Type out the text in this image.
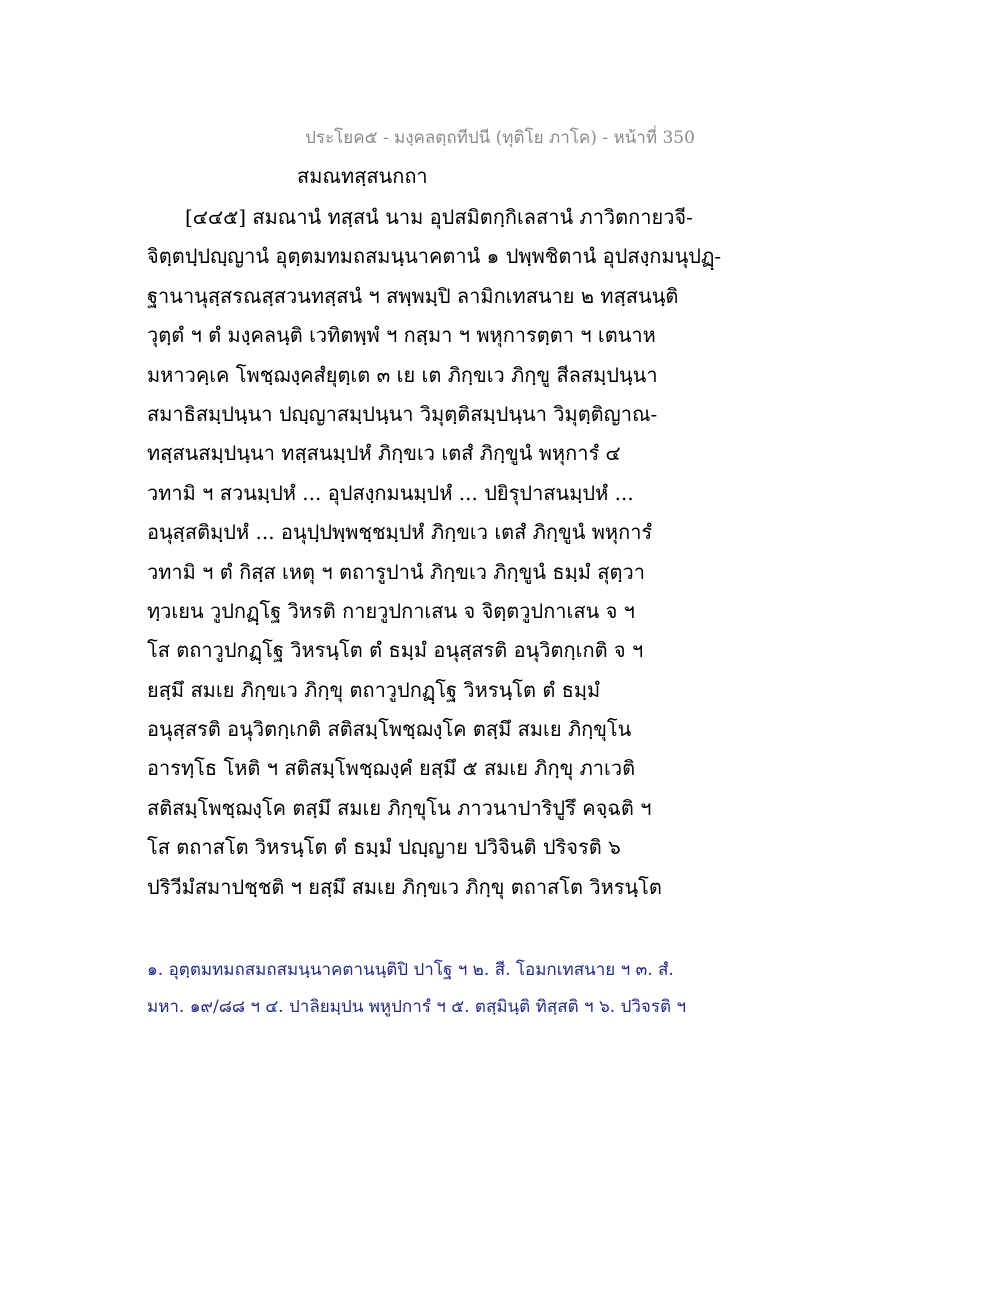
ประโยค๕ - มงฺคลตฺถทีปนี (ทุติโย ภาโค) - หน้าที่ 350
สมณทสฺสนกถา
[๔๔๕] สมณานํ ทสฺสนํ นาม อุปสมิตกฺกิเลสานํ ภาวิตกายวจี-
จิตฺตปฺปญฺญานํ อุตฺตมทมถสมนฺนาคตานํ ๑ ปพฺพชิตานํ อุปสงฺกมนุปฏฺ-
ฐานานุสฺสรณสฺสวนทสฺสนํ ฯ สพฺพมฺปิ ลามิกเทสนาย ๒ ทสฺสนนฺติ
วุตฺตํ ฯ ตํ มงฺคลนฺติ เวทิตพฺพํ ฯ กสฺมา ฯ พหุการตฺตา ฯ เตนาห
มหาวคฺเค โพชฺฌงฺคสํยุตฺเต ๓ เย เต ภิกฺขเว ภิกฺขู สีลสมฺปนฺนา
สมาธิสมฺปนฺนา ปญฺญาสมฺปนฺนา วิมุตฺติสมฺปนฺนา วิมุตฺติญาณ-
ทสฺสนสมฺปนฺนา ทสฺสนมฺปหํ ภิกฺขเว เตสํ ภิกฺขูนํ พหุการํ ๔
วทามิ ฯ สวนมฺปหํ ... อุปสงฺกมนมฺปหํ ... ปยิรุปาสนมฺปหํ ...
อนุสฺสติมฺปหํ ... อนุปฺปพฺพชฺชมฺปหํ ภิกฺขเว เตสํ ภิกฺขูนํ พหุการํ
วทามิ ฯ ตํ กิสฺส เหตุ ฯ ตถารูปานํ ภิกฺขเว ภิกฺขูนํ ธมฺมํ สุตฺวา
ทฺวเยน วูปกฏฺโฐ วิหรติ กายวูปกาเสน จ จิตฺตวูปกาเสน จ ฯ
โส ตถาวูปกฏฺโฐ วิหรนฺโต ตํ ธมฺมํ อนุสฺสรติ อนุวิตกฺเกติ จ ฯ
ยสฺมึ สมเย ภิกฺขเว ภิกฺขุ ตถาวูปกฏฺโฐ วิหรนฺโต ตํ ธมฺมํ
อนุสฺสรติ อนุวิตกฺเกติ สติสมฺโพชฺฌงฺโค ตสฺมึ สมเย ภิกฺขุโน
อารทฺโธ โหติ ฯ สติสมฺโพชฺฌงฺคํ ยสฺมึ ๕ สมเย ภิกฺขุ ภาเวติ
สติสมฺโพชฺฌงฺโค ตสฺมึ สมเย ภิกฺขุโน ภาวนาปาริปูรึ คจฺฉติ ฯ
โส ตถาสโต วิหรนฺโต ตํ ธมฺมํ ปญฺญาย ปวิจินติ ปริจรติ ๖
ปริวีมํสมาปชฺชติ ฯ ยสฺมึ สมเย ภิกฺขเว ภิกฺขุ ตถาสโต วิหรนฺโต
๑. อุตฺตมทมถสมถสมนฺนาคตานนฺติปิ ปาโฐ ฯ ๒. สี. โอมกเทสนาย ฯ ๓. สํ.
มหา. ๑๙/๘๘ ฯ ๔. ปาลิยมฺปน พหูปการํ ฯ ๕. ตสฺมินฺติ ทิสฺสติ ฯ ๖. ปวิจรติ ฯ
